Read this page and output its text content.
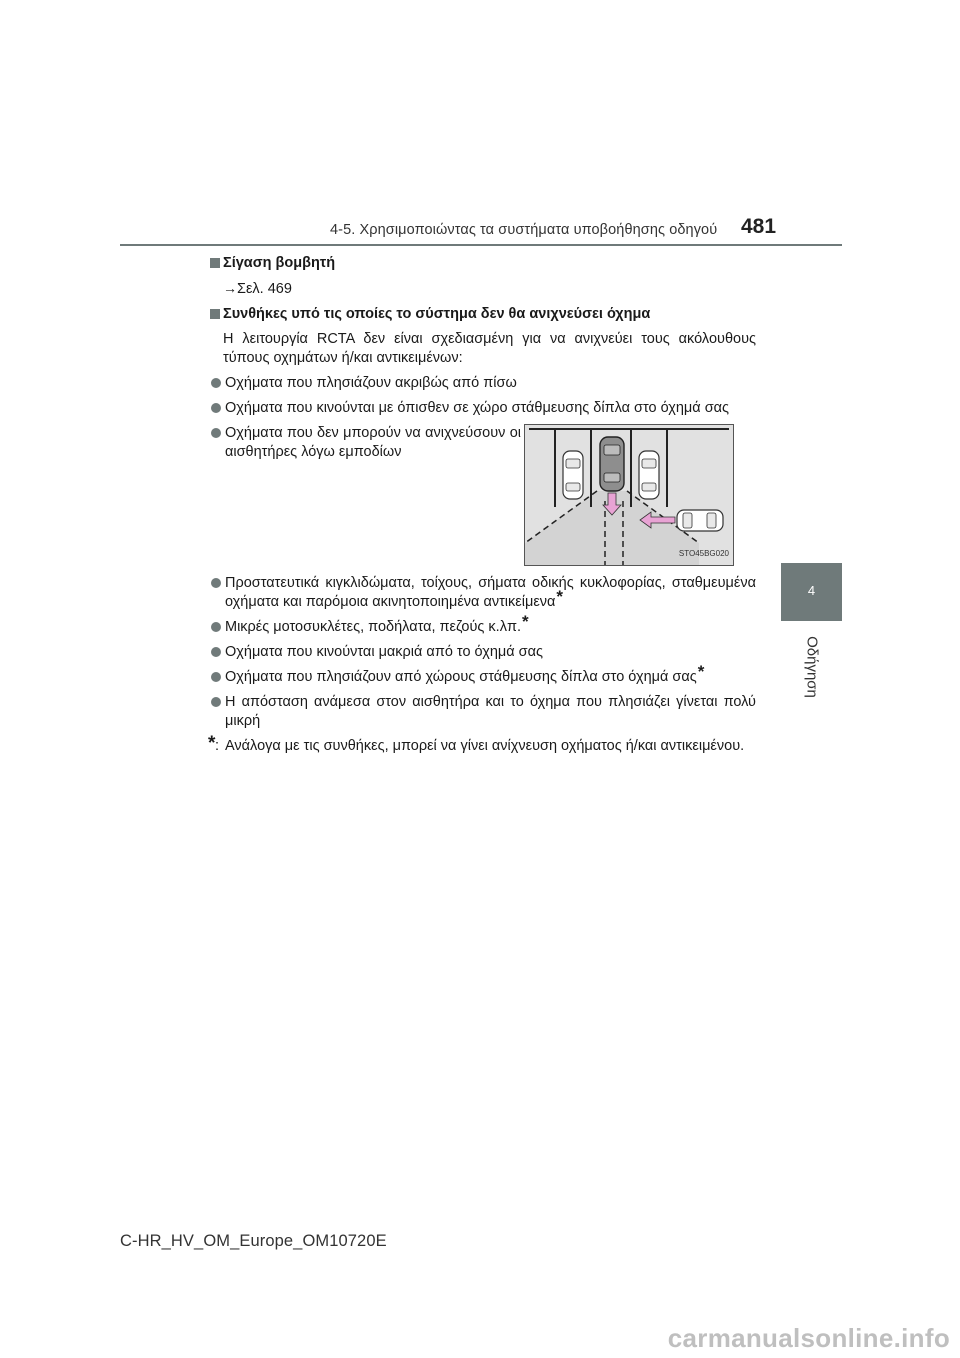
4-5. Χρησιμοποιώντας τα συστήματα υποβοήθησης οδηγού 481
4
Οδήγηση
Σίγαση βομβητή
→Σελ. 469
Συνθήκες υπό τις οποίες το σύστημα δεν θα ανιχνεύσει όχημα
Η λειτουργία RCTA δεν είναι σχεδιασμένη για να ανιχνεύει τους ακόλουθους τύπους οχημάτων ή/και αντικειμένων:
Οχήματα που πλησιάζουν ακριβώς από πίσω
Οχήματα που κινούνται με όπισθεν σε χώρο στάθμευσης δίπλα στο όχημά σας
Οχήματα που δεν μπορούν να ανιχνεύσουν οι αισθητήρες λόγω εμποδίων
STO45BG020
Προστατευτικά κιγκλιδώματα, τοίχους, σήματα οδικής κυκλοφορίας, σταθμευμένα οχήματα και παρόμοια ακινητοποιημένα αντικείμενα*
Μικρές μοτοσυκλέτες, ποδήλατα, πεζούς κ.λπ.*
Οχήματα που κινούνται μακριά από το όχημά σας
Οχήματα που πλησιάζουν από χώρους στάθμευσης δίπλα στο όχημά σας*
Η απόσταση ανάμεσα στον αισθητήρα και το όχημα που πλησιάζει γίνεται πολύ μικρή
* : Ανάλογα με τις συνθήκες, μπορεί να γίνει ανίχνευση οχήματος ή/και αντικειμένου.
C-HR_HV_OM_Europe_OM10720E
carmanualsonline.info
